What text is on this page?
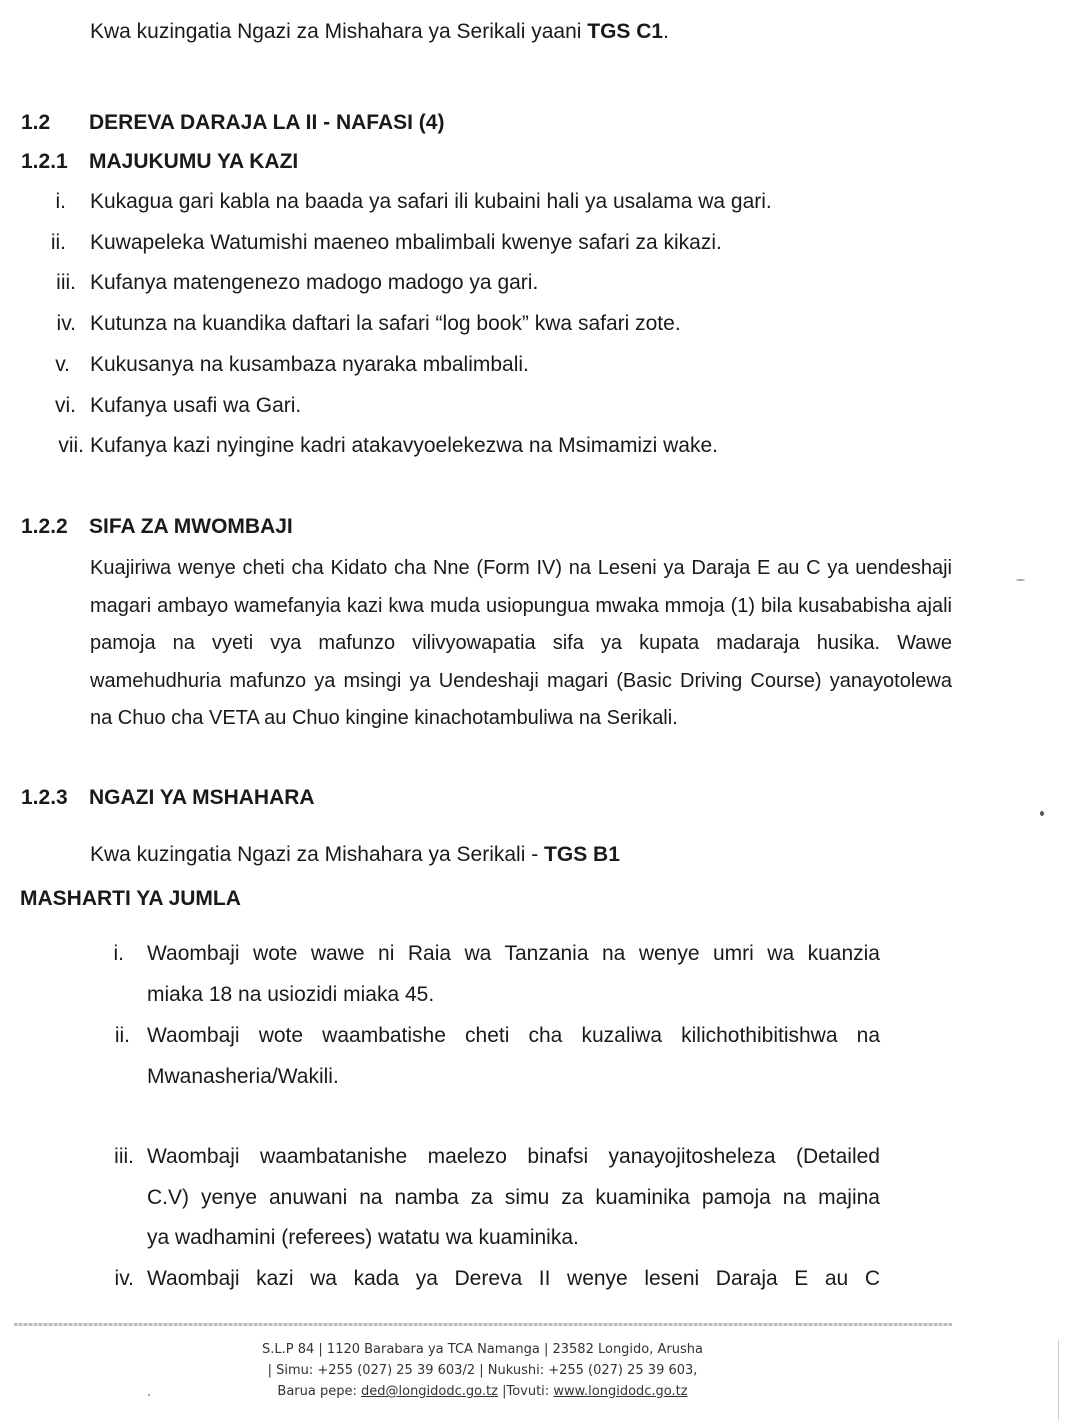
Kwa kuzingatia Ngazi za Mishahara ya Serikali yaani TGS C1.
1.2 DEREVA DARAJA LA II - NAFASI (4)
1.2.1 MAJUKUMU YA KAZI
i. Kukagua gari kabla na baada ya safari ili kubaini hali ya usalama wa gari.
ii. Kuwapeleka Watumishi maeneo mbalimbali kwenye safari za kikazi.
iii. Kufanya matengenezo madogo madogo ya gari.
iv. Kutunza na kuandika daftari la safari “log book” kwa safari zote.
v. Kukusanya na kusambaza nyaraka mbalimbali.
vi. Kufanya usafi wa Gari.
vii. Kufanya kazi nyingine kadri atakavyoelekezwa na Msimamizi wake.
1.2.2 SIFA ZA MWOMBAJI
Kuajiriwa wenye cheti cha Kidato cha Nne (Form IV) na Leseni ya Daraja E au C ya uendeshaji magari ambayo wamefanyia kazi kwa muda usiopungua mwaka mmoja (1) bila kusababisha ajali pamoja na vyeti vya mafunzo vilivyowapatia sifa ya kupata madaraja husika. Wawe wamehudhuria mafunzo ya msingi ya Uendeshaji magari (Basic Driving Course) yanayotolewa na Chuo cha VETA au Chuo kingine kinachotambuliwa na Serikali.
1.2.3 NGAZI YA MSHAHARA
Kwa kuzingatia Ngazi za Mishahara ya Serikali - TGS B1
MASHARTI YA JUMLA
i. Waombaji wote wawe ni Raia wa Tanzania na wenye umri wa kuanzia
miaka 18 na usiozidi miaka 45.
ii. Waombaji wote waambatishe cheti cha kuzaliwa kilichothibitishwa na
Mwanasheria/Wakili.
iii. Waombaji waambatanishe maelezo binafsi yanayojitosheleza (Detailed
C.V) yenye anuwani na namba za simu za kuaminika pamoja na majina
ya wadhamini (referees) watatu wa kuaminika.
iv. Waombaji kazi wa kada ya Dereva II wenye leseni Daraja E au C
S.L.P 84 | 1120 Barabara ya TCA Namanga | 23582 Longido, Arusha
| Simu: +255 (027) 25 39 603/2 | Nukushi: +255 (027) 25 39 603,
Barua pepe: ded@longidodc.go.tz |Tovuti: www.longidodc.go.tz
